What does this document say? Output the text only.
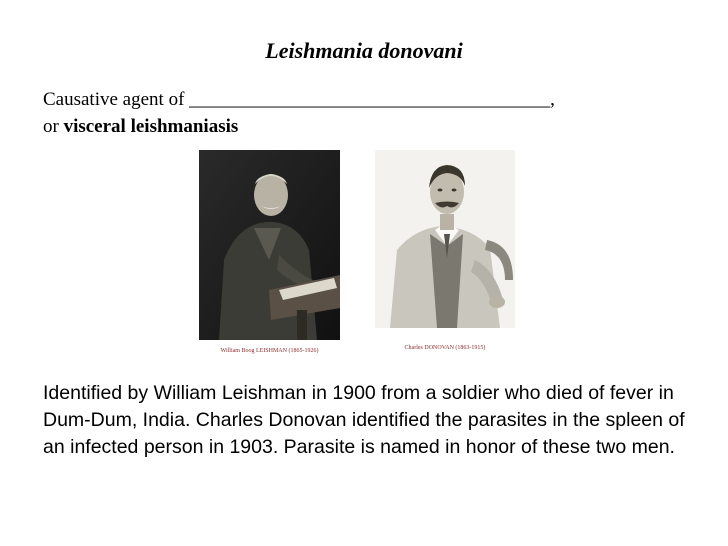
Leishmania donovani
Causative agent of ______________________________________,
or visceral leishmaniasis
William Boog LEISHMAN (1865-1926)	Charles DONOVAN (1863-1915)
Identified by William Leishman in 1900 from a soldier who died of fever in Dum-Dum, India. Charles Donovan identified the parasites in the spleen of an infected person in 1903. Parasite is named in honor of these two men.
